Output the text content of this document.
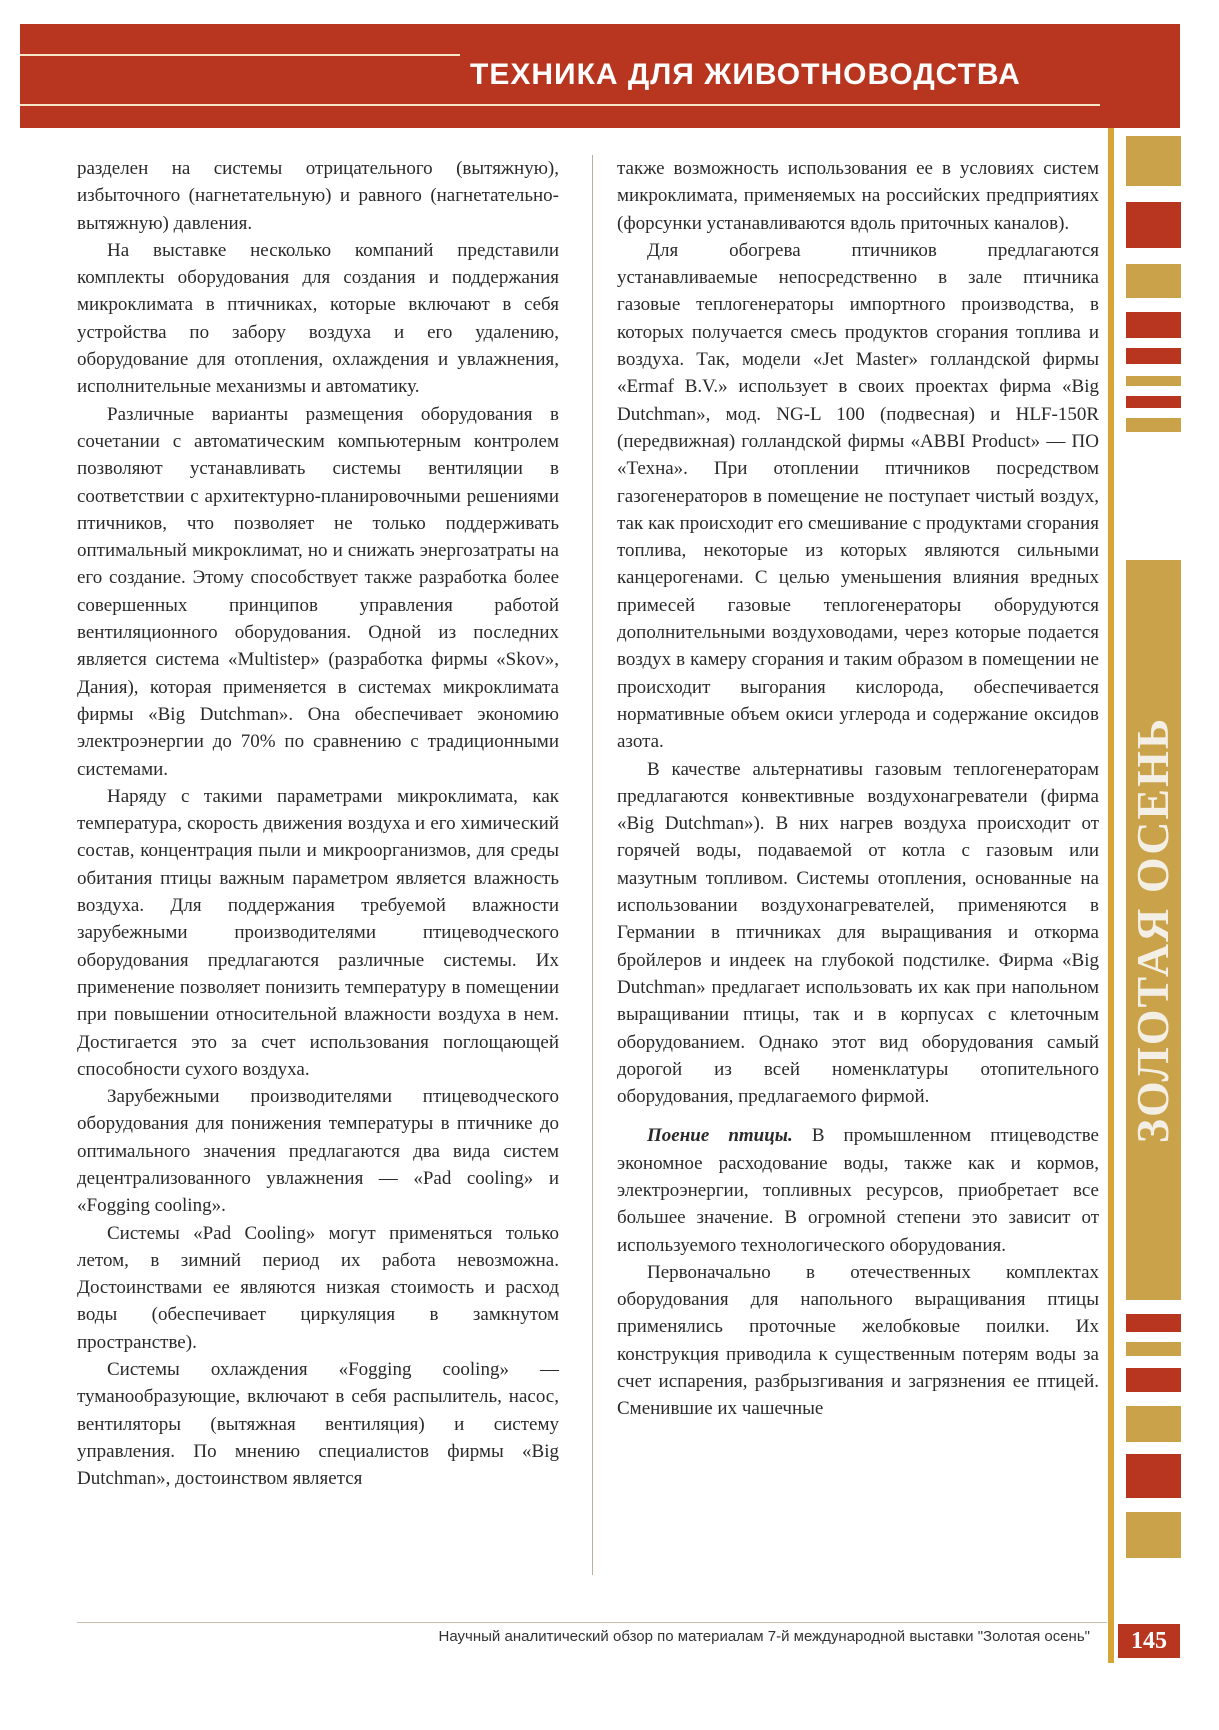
ТЕХНИКА ДЛЯ ЖИВОТНОВОДСТВА
ЗОЛОТАЯ ОСЕНЬ

разделен на системы отрицательного (вытяжную), избыточного (нагнетательную) и равного (нагнетательно-вытяжную) давления.

На выставке несколько компаний представили комплекты оборудования для создания и поддержания микроклимата в птичниках, которые включают в себя устройства по забору воздуха и его удалению, оборудование для отопления, охлаждения и увлажнения, исполнительные механизмы и автоматику.

Различные варианты размещения оборудования в сочетании с автоматическим компьютерным контролем позволяют устанавливать системы вентиляции в соответствии с архитектурно-планировочными решениями птичников, что позволяет не только поддерживать оптимальный микроклимат, но и снижать энергозатраты на его создание. Этому способствует также разработка более совершенных принципов управления работой вентиляционного оборудования. Одной из последних является система «Multistep» (разработка фирмы «Skov», Дания), которая применяется в системах микроклимата фирмы «Big Dutchman». Она обеспечивает экономию электроэнергии до 70% по сравнению с традиционными системами.

Наряду с такими параметрами микроклимата, как температура, скорость движения воздуха и его химический состав, концентрация пыли и микроорганизмов, для среды обитания птицы важным параметром является влажность воздуха. Для поддержания требуемой влажности зарубежными производителями птицеводческого оборудования предлагаются различные системы. Их применение позволяет понизить температуру в помещении при повышении относительной влажности воздуха в нем. Достигается это за счет использования поглощающей способности сухого воздуха.

Зарубежными производителями птицеводческого оборудования для понижения температуры в птичнике до оптимального значения предлагаются два вида систем децентрализованного увлажнения — «Pad cooling» и «Fogging cooling».

Системы «Pad Cooling» могут применяться только летом, в зимний период их работа невозможна. Достоинствами ее являются низкая стоимость и расход воды (обеспечивает циркуляция в замкнутом пространстве).

Системы охлаждения «Fogging cooling» — туманообразующие, включают в себя распылитель, насос, вентиляторы (вытяжная вентиляция) и систему управления. По мнению специалистов фирмы «Big Dutchman», достоинством является

также возможность использования ее в условиях систем микроклимата, применяемых на российских предприятиях (форсунки устанавливаются вдоль приточных каналов).

Для обогрева птичников предлагаются устанавливаемые непосредственно в зале птичника газовые теплогенераторы импортного производства, в которых получается смесь продуктов сгорания топлива и воздуха. Так, модели «Jet Master» голландской фирмы «Ermaf B.V.» использует в своих проектах фирма «Big Dutchman», мод. NG-L 100 (подвесная) и HLF-150R (передвижная) голландской фирмы «ABBI Product» — ПО «Техна». При отоплении птичников посредством газогенераторов в помещение не поступает чистый воздух, так как происходит его смешивание с продуктами сгорания топлива, некоторые из которых являются сильными канцерогенами. С целью уменьшения влияния вредных примесей газовые теплогенераторы оборудуются дополнительными воздуховодами, через которые подается воздух в камеру сгорания и таким образом в помещении не происходит выгорания кислорода, обеспечивается нормативные объем окиси углерода и содержание оксидов азота.

В качестве альтернативы газовым теплогенераторам предлагаются конвективные воздухонагреватели (фирма «Big Dutchman»). В них нагрев воздуха происходит от горячей воды, подаваемой от котла с газовым или мазутным топливом. Системы отопления, основанные на использовании воздухонагревателей, применяются в Германии в птичниках для выращивания и откорма бройлеров и индеек на глубокой подстилке. Фирма «Big Dutchman» предлагает использовать их как при напольном выращивании птицы, так и в корпусах с клеточным оборудованием. Однако этот вид оборудования самый дорогой из всей номенклатуры отопительного оборудования, предлагаемого фирмой.

Поение птицы. В промышленном птицеводстве экономное расходование воды, также как и кормов, электроэнергии, топливных ресурсов, приобретает все большее значение. В огромной степени это зависит от используемого технологического оборудования.

Первоначально в отечественных комплектах оборудования для напольного выращивания птицы применялись проточные желобковые поилки. Их конструкция приводила к существенным потерям воды за счет испарения, разбрызгивания и загрязнения ее птицей. Сменившие их чашечные

Научный аналитический обзор по материалам 7-й международной выставки "Золотая осень"	145
